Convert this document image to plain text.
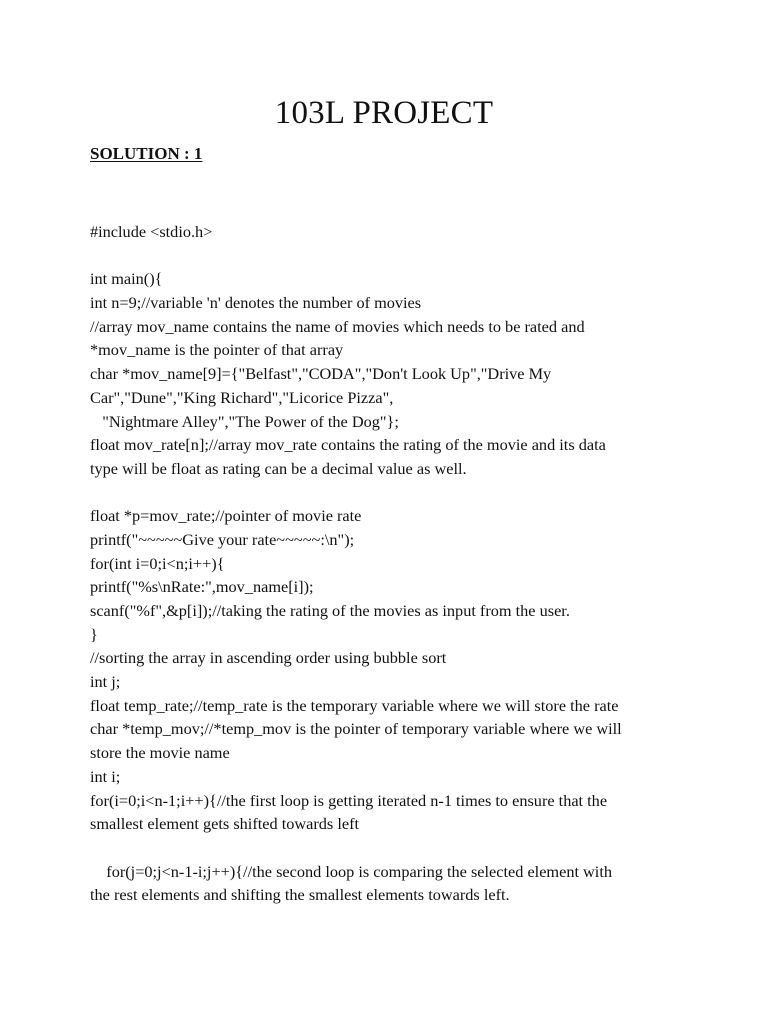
103L PROJECT
SOLUTION : 1
#include <stdio.h>
int main(){
int n=9;//variable 'n' denotes the number of movies
//array mov_name contains the name of movies which needs to be rated and
*mov_name is the pointer of that array
char *mov_name[9]={"Belfast","CODA","Don't Look Up","Drive My
Car","Dune","King Richard","Licorice Pizza",
"Nightmare Alley","The Power of the Dog"};
float mov_rate[n];//array mov_rate contains the rating of the movie and its data
type will be float as rating can be a decimal value as well.
float *p=mov_rate;//pointer of movie rate
printf("~~~~~Give your rate~~~~~:\n");
for(int i=0;i<n;i++){
printf("%s\nRate:",mov_name[i]);
scanf("%f",&p[i]);//taking the rating of the movies as input from the user.
}
//sorting the array in ascending order using bubble sort
int j;
float temp_rate;//temp_rate is the temporary variable where we will store the rate
char *temp_mov;//*temp_mov is the pointer of temporary variable where we will
store the movie name
int i;
for(i=0;i<n-1;i++){//the first loop is getting iterated n-1 times to ensure that the
smallest element gets shifted towards left
for(j=0;j<n-1-i;j++){//the second loop is comparing the selected element with
the rest elements and shifting the smallest elements towards left.
